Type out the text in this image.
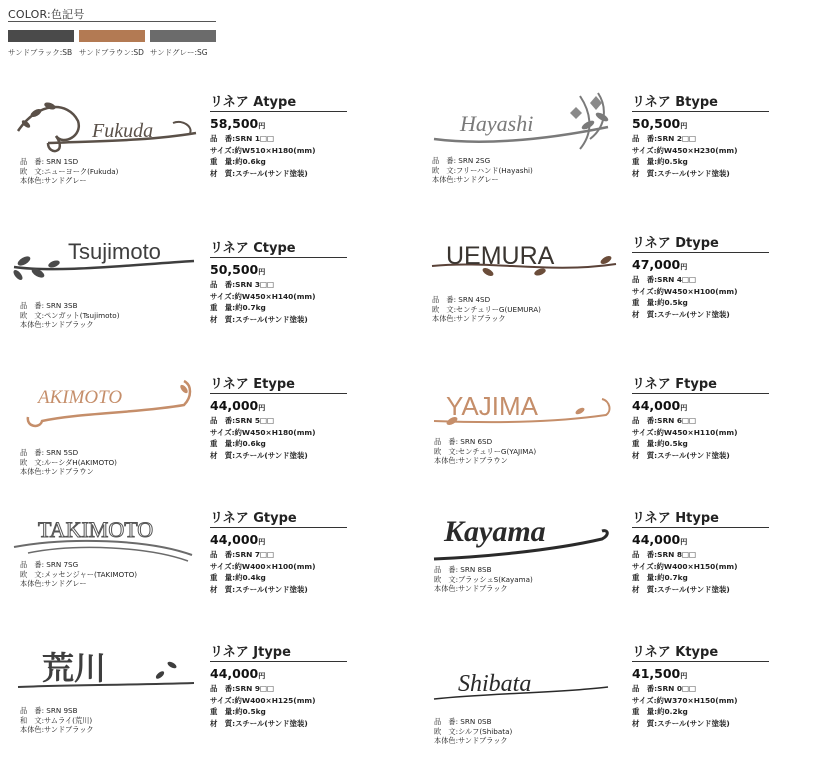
COLOR:色記号
サンドブラック:SB サンドブラウン:SD サンドグレー:SG
Fukuda
品　番: SRN 1SD
欧　文:ニューヨーク(Fukuda)
本体色:サンドグレー
リネア Atype
58,500円
品　番:SRN 1□□
サイズ:約W510×H180(mm)
重　量:約0.6kg
材　質:スチール(サンド塗装)
Hayashi
品　番: SRN 2SG
欧　文:フリーハンド(Hayashi)
本体色:サンドグレー
リネア Btype
50,500円
品　番:SRN 2□□
サイズ:約W450×H230(mm)
重　量:約0.5kg
材　質:スチール(サンド塗装)
Tsujimoto
品　番: SRN 3SB
欧　文:ペンガット(Tsujimoto)
本体色:サンドブラック
リネア Ctype
50,500円
品　番:SRN 3□□
サイズ:約W450×H140(mm)
重　量:約0.7kg
材　質:スチール(サンド塗装)
UEMURA
品　番: SRN 4SD
欧　文:センチュリーG(UEMURA)
本体色:サンドブラック
リネア Dtype
47,000円
品　番:SRN 4□□
サイズ:約W450×H100(mm)
重　量:約0.5kg
材　質:スチール(サンド塗装)
AKIMOTO
品　番: SRN 5SD
欧　文:ルーシダH(AKIMOTO)
本体色:サンドブラウン
リネア Etype
44,000円
品　番:SRN 5□□
サイズ:約W450×H180(mm)
重　量:約0.6kg
材　質:スチール(サンド塗装)
YAJIMA
品　番: SRN 6SD
欧　文:センチュリーG(YAJIMA)
本体色:サンドブラウン
リネア Ftype
44,000円
品　番:SRN 6□□
サイズ:約W450×H110(mm)
重　量:約0.5kg
材　質:スチール(サンド塗装)
TAKIMOTO
品　番: SRN 7SG
欧　文:メッセンジャー(TAKIMOTO)
本体色:サンドグレー
リネア Gtype
44,000円
品　番:SRN 7□□
サイズ:約W400×H100(mm)
重　量:約0.4kg
材　質:スチール(サンド塗装)
Kayama
品　番: SRN 8SB
欧　文:ブラッシュS(Kayama)
本体色:サンドブラック
リネア Htype
44,000円
品　番:SRN 8□□
サイズ:約W400×H150(mm)
重　量:約0.7kg
材　質:スチール(サンド塗装)
荒川
品　番: SRN 9SB
和　文:サムライ(荒川)
本体色:サンドブラック
リネア Jtype
44,000円
品　番:SRN 9□□
サイズ:約W400×H125(mm)
重　量:約0.5kg
材　質:スチール(サンド塗装)
Shibata
品　番: SRN 0SB
欧　文:シルフ(Shibata)
本体色:サンドブラック
リネア Ktype
41,500円
品　番:SRN 0□□
サイズ:約W370×H150(mm)
重　量:約0.2kg
材　質:スチール(サンド塗装)
